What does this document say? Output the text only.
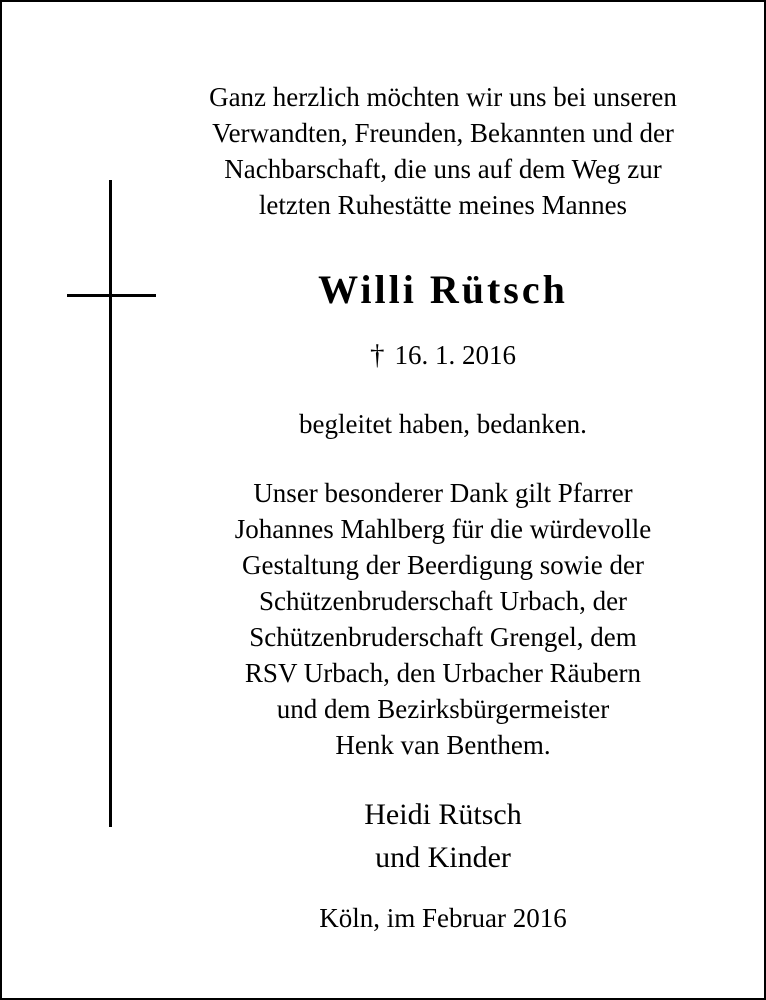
Ganz herzlich möchten wir uns bei unseren
Verwandten, Freunden, Bekannten und der
Nachbarschaft, die uns auf dem Weg zur
letzten Ruhestätte meines Mannes
Willi Rütsch
† 16. 1. 2016
begleitet haben, bedanken.
Unser besonderer Dank gilt Pfarrer
Johannes Mahlberg für die würdevolle
Gestaltung der Beerdigung sowie der
Schützenbruderschaft Urbach, der
Schützenbruderschaft Grengel, dem
RSV Urbach, den Urbacher Räubern
und dem Bezirksbürgermeister
Henk van Benthem.
Heidi Rütsch
und Kinder
Köln, im Februar 2016
